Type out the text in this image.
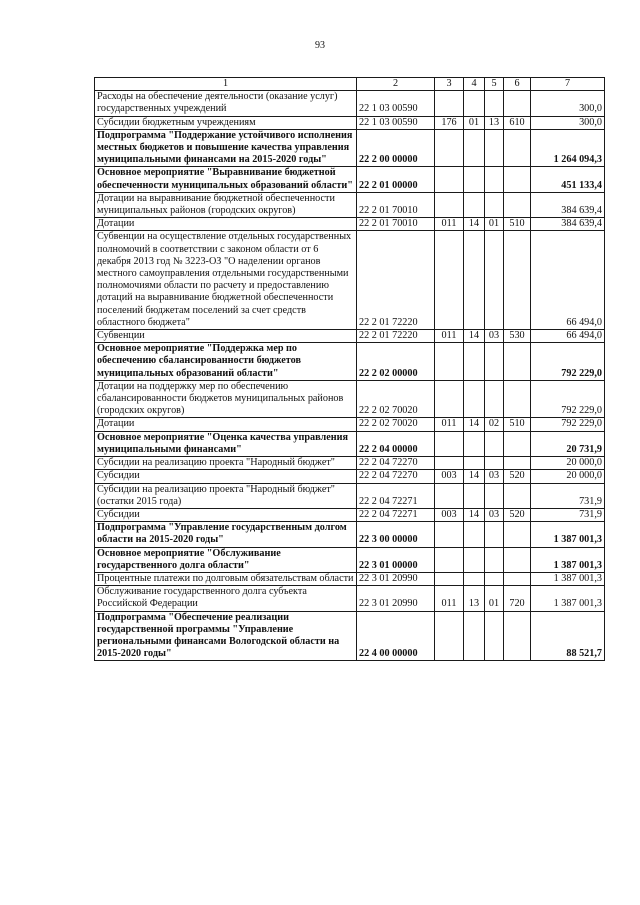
93
1	2	3	4	5	6	7
Расходы на обеспечение деятельности (оказание услуг) государственных учреждений	22 1 03 00590					300,0
Субсидии бюджетным учреждениям	22 1 03 00590	176	01	13	610	300,0
Подпрограмма "Поддержание устойчивого исполнения местных бюджетов и повышение качества управления муниципальными финансами на 2015-2020 годы"	22 2 00 00000					1 264 094,3
Основное мероприятие "Выравнивание бюджетной обеспеченности муниципальных образований области"	22 2 01 00000					451 133,4
Дотации на выравнивание бюджетной обеспеченности муниципальных районов (городских округов)	22 2 01 70010					384 639,4
Дотации	22 2 01 70010	011	14	01	510	384 639,4
Субвенции на осуществление отдельных государственных полномочий в соответствии с законом области от 6 декабря 2013 год № 3223-ОЗ "О наделении органов местного самоуправления отдельными государственными полномочиями области по расчету и предоставлению дотаций на выравнивание бюджетной обеспеченности поселений бюджетам поселений за счет средств областного бюджета"	22 2 01 72220					66 494,0
Субвенции	22 2 01 72220	011	14	03	530	66 494,0
Основное мероприятие "Поддержка мер по обеспечению сбалансированности бюджетов муниципальных образований области"	22 2 02 00000					792 229,0
Дотации на поддержку мер по обеспечению сбалансированности бюджетов муниципальных районов (городских округов)	22 2 02 70020					792 229,0
Дотации	22 2 02 70020	011	14	02	510	792 229,0
Основное мероприятие "Оценка качества управления муниципальными финансами"	22 2 04 00000					20 731,9
Субсидии на реализацию проекта "Народный бюджет"	22 2 04 72270					20 000,0
Субсидии	22 2 04 72270	003	14	03	520	20 000,0
Субсидии на реализацию проекта "Народный бюджет" (остатки 2015 года)	22 2 04 72271					731,9
Субсидии	22 2 04 72271	003	14	03	520	731,9
Подпрограмма "Управление государственным долгом области на 2015-2020 годы"	22 3 00 00000					1 387 001,3
Основное мероприятие "Обслуживание государственного долга области"	22 3 01 00000					1 387 001,3
Процентные платежи по долговым обязательствам области	22 3 01 20990					1 387 001,3
Обслуживание государственного долга субъекта Российской Федерации	22 3 01 20990	011	13	01	720	1 387 001,3
Подпрограмма "Обеспечение реализации государственной программы "Управление региональными финансами Вологодской области на 2015-2020 годы"	22 4 00 00000					88 521,7
